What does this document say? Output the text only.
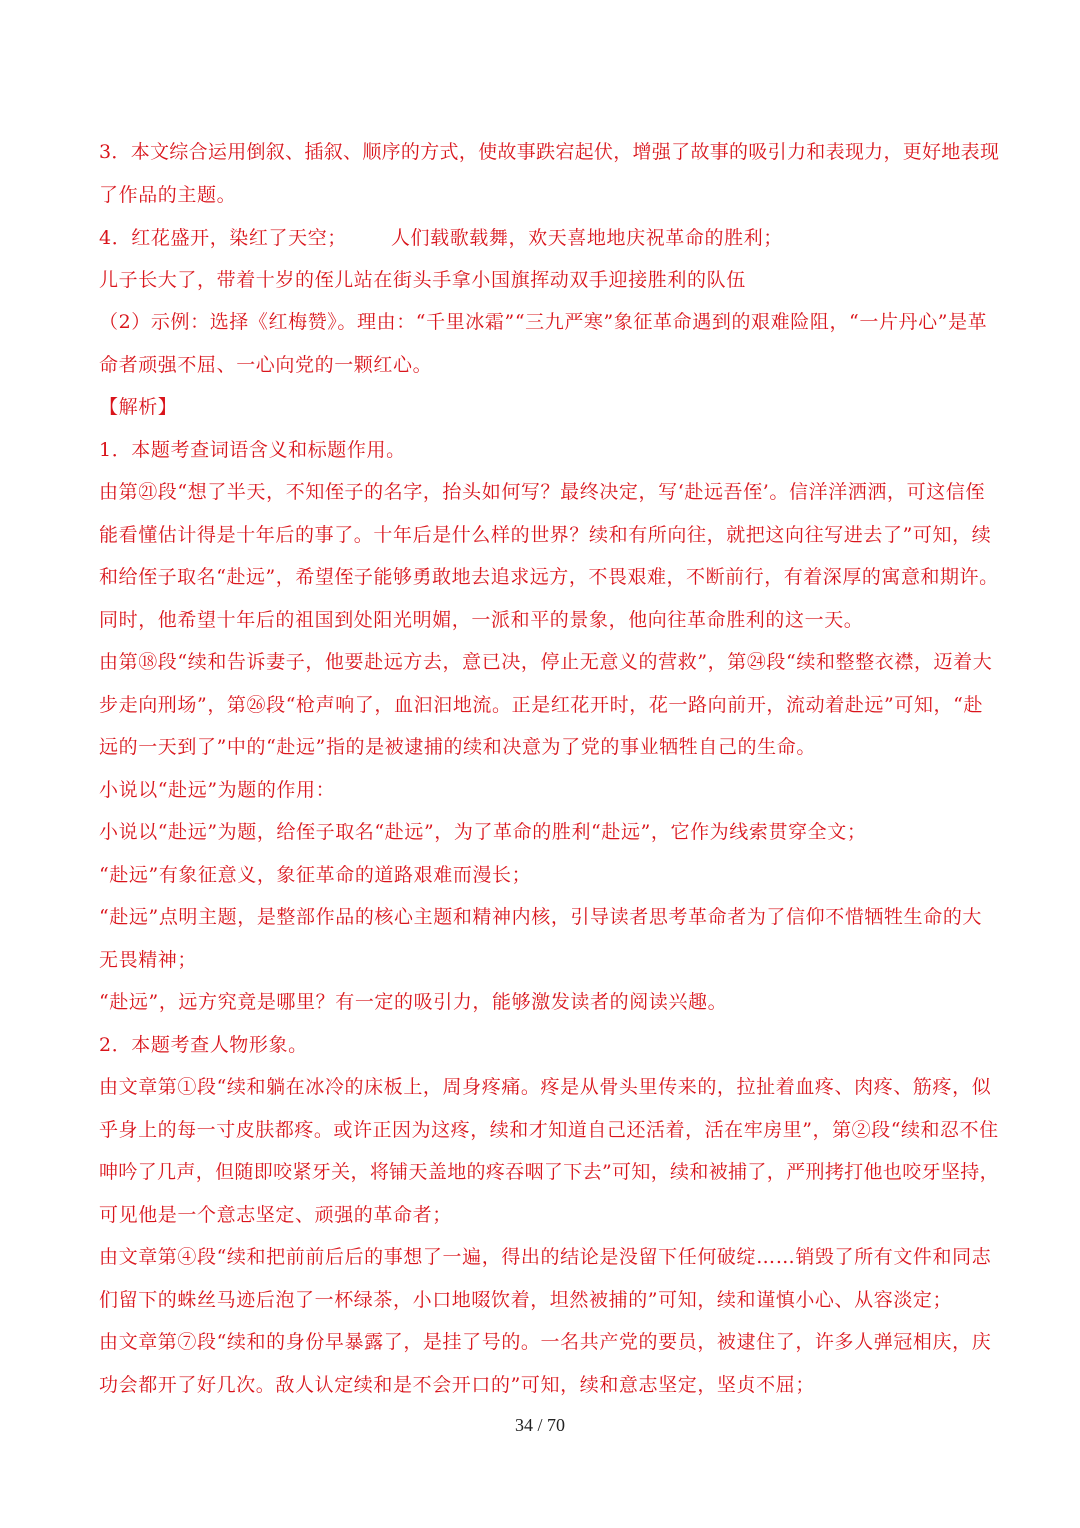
3．本文综合运用倒叙、插叙、顺序的方式，使故事跌宕起伏，增强了故事的吸引力和表现力，更好地表现
了作品的主题。
4．红花盛开，染红了天空； 人们载歌载舞，欢天喜地地庆祝革命的胜利；
儿子长大了，带着十岁的侄儿站在街头手拿小国旗挥动双手迎接胜利的队伍
（2）示例：选择《红梅赞》。理由：“千里冰霜”“三九严寒”象征革命遇到的艰难险阻，“一片丹心”是革
命者顽强不屈、一心向党的一颗红心。
【解析】
1．本题考查词语含义和标题作用。
由第㉑段“想了半天，不知侄子的名字，抬头如何写？最终决定，写‘赴远吾侄’。信洋洋洒洒，可这信侄
能看懂估计得是十年后的事了。十年后是什么样的世界？续和有所向往，就把这向往写进去了”可知，续
和给侄子取名“赴远”，希望侄子能够勇敢地去追求远方，不畏艰难，不断前行，有着深厚的寓意和期许。
同时，他希望十年后的祖国到处阳光明媚，一派和平的景象，他向往革命胜利的这一天。
由第⑱段“续和告诉妻子，他要赴远方去，意已决，停止无意义的营救”，第㉔段“续和整整衣襟，迈着大
步走向刑场”，第㉖段“枪声响了，血汩汩地流。正是红花开时，花一路向前开，流动着赴远”可知，“赴
远的一天到了”中的“赴远”指的是被逮捕的续和决意为了党的事业牺牲自己的生命。
小说以“赴远”为题的作用：
小说以“赴远”为题，给侄子取名“赴远”，为了革命的胜利“赴远”，它作为线索贯穿全文；
“赴远”有象征意义，象征革命的道路艰难而漫长；
“赴远”点明主题，是整部作品的核心主题和精神内核，引导读者思考革命者为了信仰不惜牺牲生命的大
无畏精神；
“赴远”，远方究竟是哪里？有一定的吸引力，能够激发读者的阅读兴趣。
2．本题考查人物形象。
由文章第①段“续和躺在冰冷的床板上，周身疼痛。疼是从骨头里传来的，拉扯着血疼、肉疼、筋疼，似
乎身上的每一寸皮肤都疼。或许正因为这疼，续和才知道自己还活着，活在牢房里”，第②段“续和忍不住
呻吟了几声，但随即咬紧牙关，将铺天盖地的疼吞咽了下去”可知，续和被捕了，严刑拷打他也咬牙坚持，
可见他是一个意志坚定、顽强的革命者；
由文章第④段“续和把前前后后的事想了一遍，得出的结论是没留下任何破绽……销毁了所有文件和同志
们留下的蛛丝马迹后泡了一杯绿茶，小口地啜饮着，坦然被捕的”可知，续和谨慎小心、从容淡定；
由文章第⑦段“续和的身份早暴露了，是挂了号的。一名共产党的要员，被逮住了，许多人弹冠相庆，庆
功会都开了好几次。敌人认定续和是不会开口的”可知，续和意志坚定，坚贞不屈；
34 / 70
